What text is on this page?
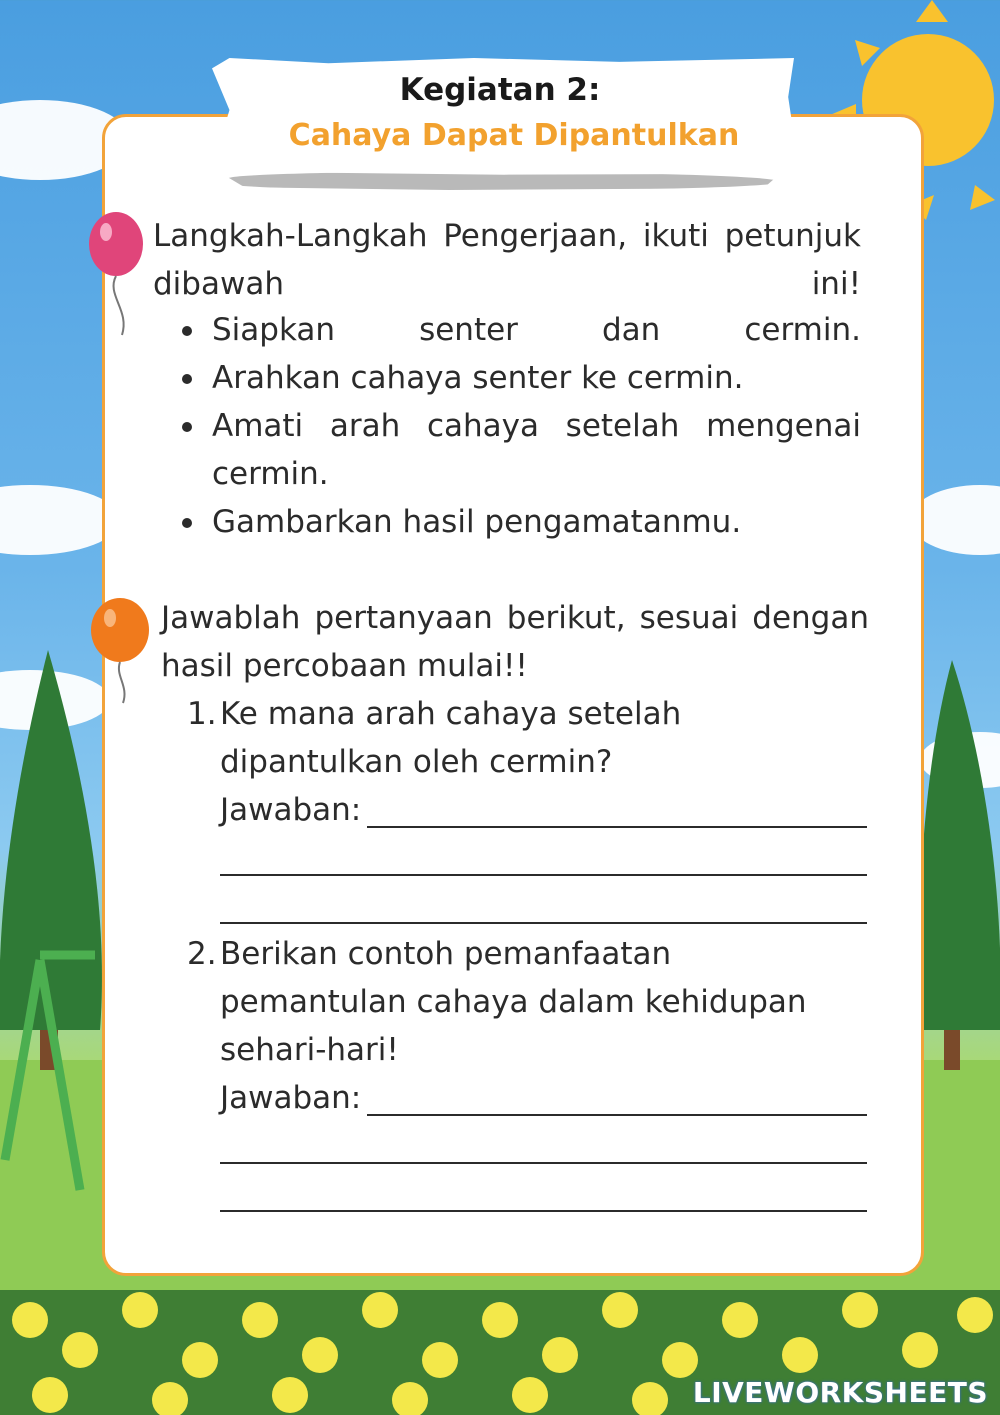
Kegiatan 2:
Cahaya Dapat Dipantulkan
Langkah-Langkah Pengerjaan, ikuti petunjuk dibawah ini!
Siapkan senter dan cermin.
Arahkan cahaya senter ke cermin.
Amati arah cahaya setelah mengenai cermin.
Gambarkan hasil pengamatanmu.
Jawablah pertanyaan berikut, sesuai dengan hasil percobaan mulai!!
1. Ke mana arah cahaya setelah dipantulkan oleh cermin?
Jawaban:
2. Berikan contoh pemanfaatan pemantulan cahaya dalam kehidupan sehari-hari!
Jawaban:
LIVEWORKSHEETS
